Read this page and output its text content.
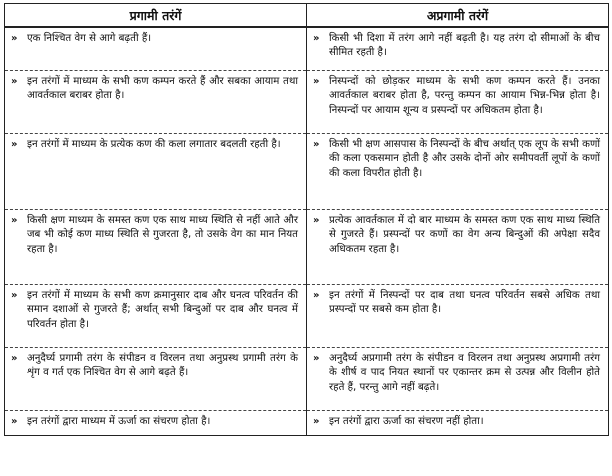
प्रगामी तरंगें	अप्रगामी तरंगें

» एक निश्चित वेग से आगे बढ़ती हैं।	» किसी भी दिशा में तरंग आगे नहीं बढ़ती है। यह तरंग दो सीमाओं के बीच सीमित रहती है।

» इन तरंगों में माध्यम के सभी कण कम्पन करते हैं और सबका आयाम तथा आवर्तकाल बराबर होता है।	» निस्पन्दों को छोड़कर माध्यम के सभी कण कम्पन करते हैं। उनका आवर्तकाल बराबर होता है, परन्तु कम्पन का आयाम भिन्न-भिन्न होता है। निस्पन्दों पर आयाम शून्य व प्रस्पन्दों पर अधिकतम होता है।

» इन तरंगों में माध्यम के प्रत्येक कण की कला लगातार बदलती रहती है।	» किसी भी क्षण आसपास के निस्पन्दों के बीच अर्थात् एक लूप के सभी कणों की कला एकसमान होती है और उसके दोनों ओर समीपवर्ती लूपों के कणों की कला विपरीत होती है।

» किसी क्षण माध्यम के समस्त कण एक साथ माध्य स्थिति से नहीं आते और जब भी कोई कण माध्य स्थिति से गुजरता है, तो उसके वेग का मान नियत रहता है।	» प्रत्येक आवर्तकाल में दो बार माध्यम के समस्त कण एक साथ माध्य स्थिति से गुजरते हैं। प्रस्पन्दों पर कणों का वेग अन्य बिन्दुओं की अपेक्षा सदैव अधिकतम रहता है।

» इन तरंगों में माध्यम के सभी कण क्रमानुसार दाब और घनत्व परिवर्तन की समान दशाओं से गुजरते हैं; अर्थात् सभी बिन्दुओं पर दाब और घनत्व में परिवर्तन होता है।	» इन तरंगों में निस्पन्दों पर दाब तथा घनत्व परिवर्तन सबसे अधिक तथा प्रस्पन्दों पर सबसे कम होता है।

» अनुदैर्घ्य प्रगामी तरंग के संपीडन व विरलन तथा अनुप्रस्थ प्रगामी तरंग के शृंग व गर्त एक निश्चित वेग से आगे बढ़ते हैं।	» अनुदैर्घ्य अप्रगामी तरंग के संपीडन व विरलन तथा अनुप्रस्थ अप्रगामी तरंग के शीर्ष व पाद नियत स्थानों पर एकान्तर क्रम से उत्पन्न और विलीन होते रहते हैं, परन्तु आगे नहीं बढ़ते।

» इन तरंगों द्वारा माध्यम में ऊर्जा का संचरण होता है।	» इन तरंगों द्वारा ऊर्जा का संचरण नहीं होता।
